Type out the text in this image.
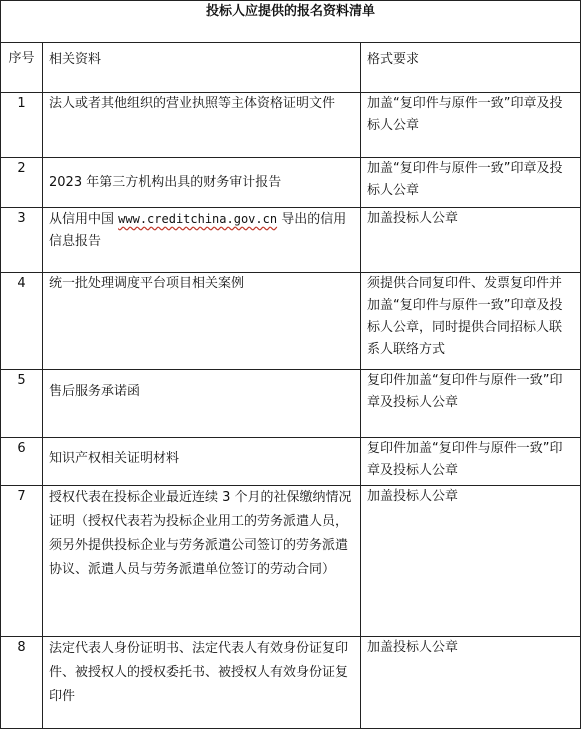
投标人应提供的报名资料清单		
序号	相关资料	格式要求
1	法人或者其他组织的营业执照等主体资格证明文件	加盖“复印件与原件一致”印章及投标人公章
2	2023 年第三方机构出具的财务审计报告	加盖“复印件与原件一致”印章及投标人公章
3	从信用中国 www.creditchina.gov.cn 导出的信用信息报告	加盖投标人公章
4	统一批处理调度平台项目相关案例	须提供合同复印件、发票复印件并加盖“复印件与原件一致”印章及投标人公章，同时提供合同招标人联系人联络方式
5	售后服务承诺函	复印件加盖“复印件与原件一致”印章及投标人公章
6	知识产权相关证明材料	复印件加盖“复印件与原件一致”印章及投标人公章
7	授权代表在投标企业最近连续 3 个月的社保缴纳情况证明（授权代表若为投标企业用工的劳务派遣人员，须另外提供投标企业与劳务派遣公司签订的劳务派遣协议、派遣人员与劳务派遣单位签订的劳动合同）	加盖投标人公章
8	法定代表人身份证明书、法定代表人有效身份证复印件、被授权人的授权委托书、被授权人有效身份证复印件	加盖投标人公章
